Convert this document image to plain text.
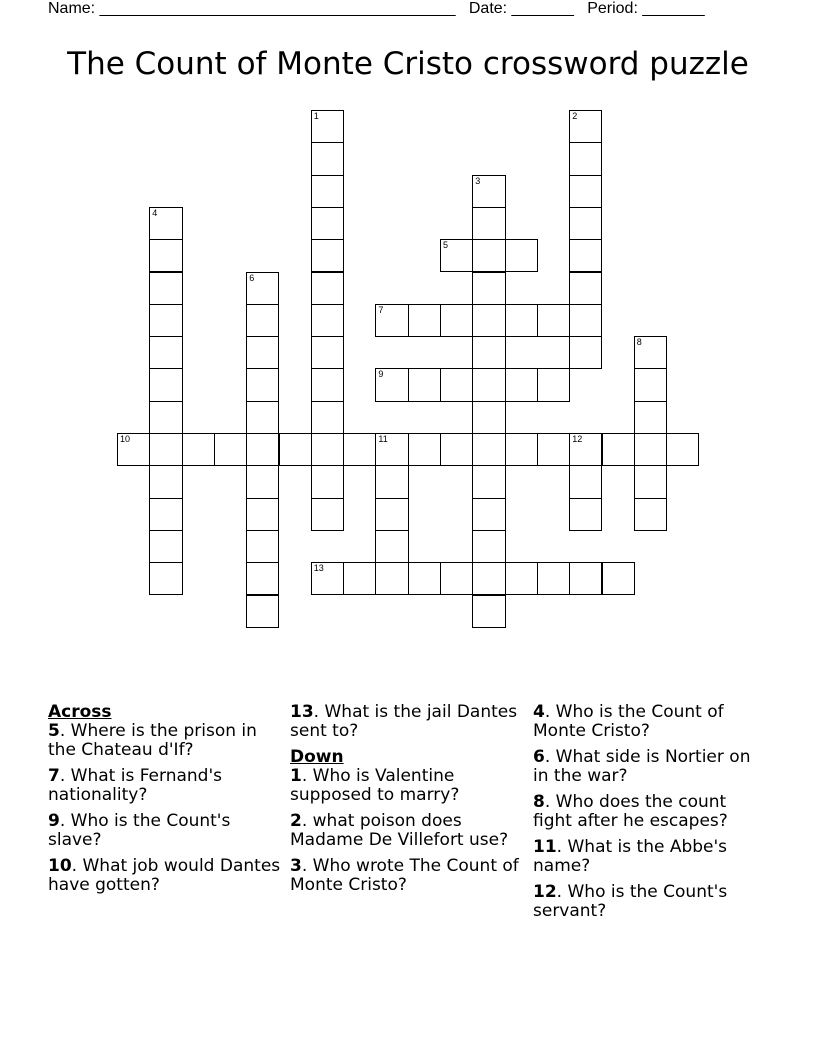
Name: ________________________________________ Date: _______ Period: _______
The Count of Monte Cristo crossword puzzle
1	2
3
4
5
6
7
8
9
10	11	12
13
Across
5. Where is the prison in the Chateau d'If?
7. What is Fernand's nationality?
9. Who is the Count's slave?
10. What job would Dantes have gotten?
13. What is the jail Dantes sent to?
Down
1. Who is Valentine supposed to marry?
2. what poison does Madame De Villefort use?
3. Who wrote The Count of Monte Cristo?
4. Who is the Count of Monte Cristo?
6. What side is Nortier on in the war?
8. Who does the count fight after he escapes?
11. What is the Abbe's name?
12. Who is the Count's servant?
